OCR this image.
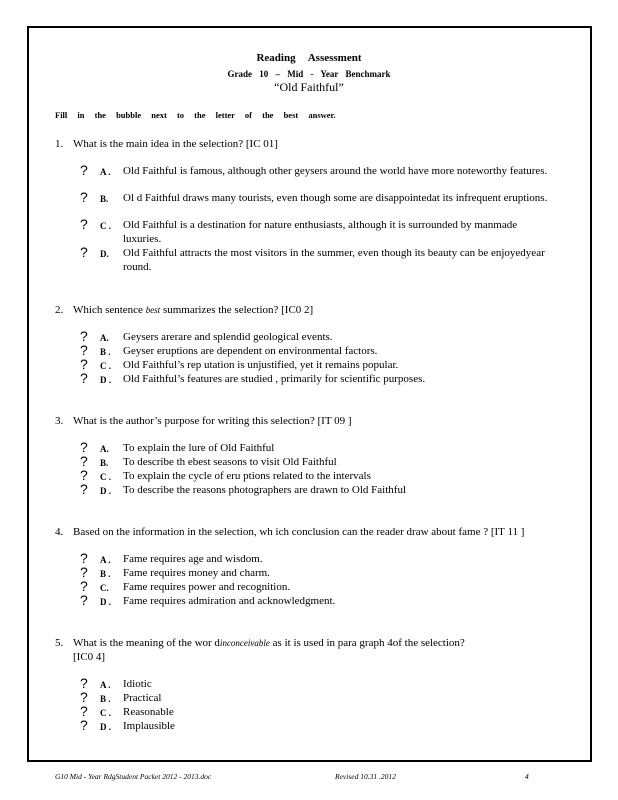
Reading Assessment
Grade 10 – Mid - Year Benchmark
“Old Faithful”
Fill in the bubble next to the letter of the best answer.
1. What is the main idea in the selection? [IC 01]
? A . Old Faithful is famous, although other geysers around the world have more noteworthy features.
? B. Ol d Faithful draws many tourists, even though some are disappointedat its infrequent eruptions.
? C . Old Faithful is a destination for nature enthusiasts, although it is surrounded by manmade luxuries.
? D. Old Faithful attracts the most visitors in the summer, even though its beauty can be enjoyedyear round.
2. Which sentence best summarizes the selection? [IC0 2]
? A. Geysers arerare and splendid geological events.
? B . Geyser eruptions are dependent on environmental factors.
? C . Old Faithful’s rep utation is unjustified, yet it remains popular.
? D . Old Faithful’s features are studied , primarily for scientific purposes.
3. What is the author’s purpose for writing this selection? [IT 09 ]
? A. To explain the lure of Old Faithful
? B. To describe th ebest seasons to visit Old Faithful
? C . To explain the cycle of eru ptions related to the intervals
? D . To describe the reasons photographers are drawn to Old Faithful
4. Based on the information in the selection, wh ich conclusion can the reader draw about fame ? [IT 11 ]
? A . Fame requires age and wisdom.
? B . Fame requires money and charm.
? C. Fame requires power and recognition.
? D . Fame requires admiration and acknowledgment.
5. What is the meaning of the wor dinconceivable as it is used in para graph 4of the selection?
[IC0 4]
? A . Idiotic
? B . Practical
? C . Reasonable
? D . Implausible
G10 Mid - Year RdgStudent Packet 2012 - 2013.doc	Revised 10.31 .2012	4
